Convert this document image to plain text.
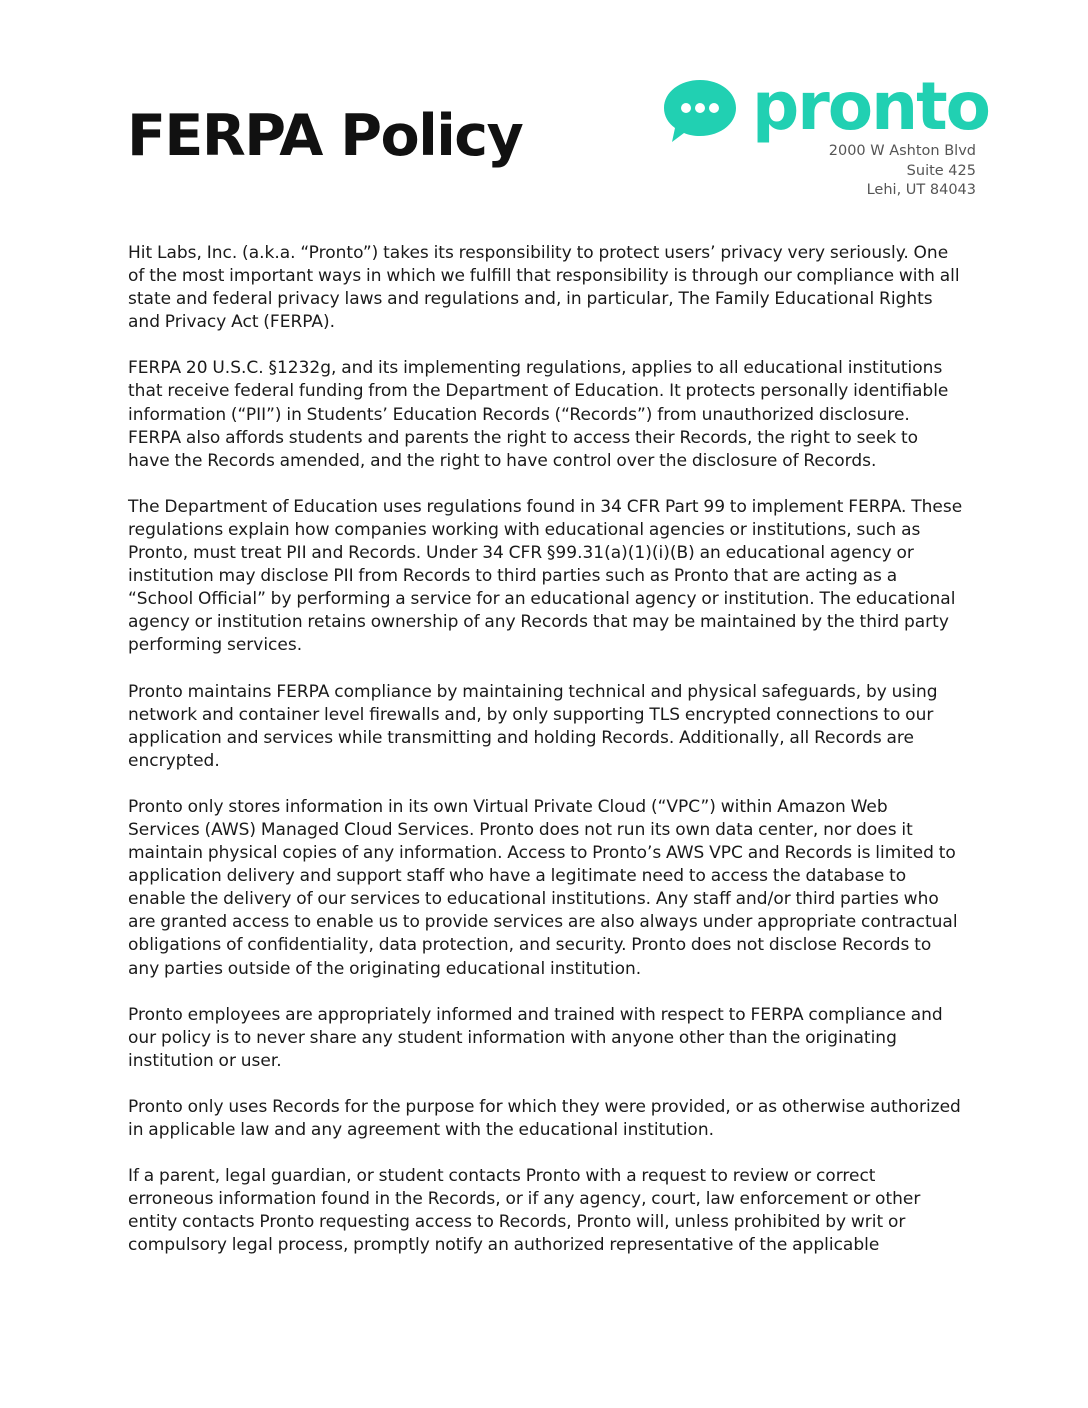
FERPA Policy	pronto
2000 W Ashton Blvd
Suite 425
Lehi, UT 84043

Hit Labs, Inc. (a.k.a. “Pronto”) takes its responsibility to protect users’ privacy very seriously. One of the most important ways in which we fulfill that responsibility is through our compliance with all state and federal privacy laws and regulations and, in particular, The Family Educational Rights and Privacy Act (FERPA).

FERPA 20 U.S.C. §1232g, and its implementing regulations, applies to all educational institutions that receive federal funding from the Department of Education. It protects personally identifiable information (“PII”) in Students’ Education Records (“Records”) from unauthorized disclosure. FERPA also affords students and parents the right to access their Records, the right to seek to have the Records amended, and the right to have control over the disclosure of Records.

The Department of Education uses regulations found in 34 CFR Part 99 to implement FERPA. These regulations explain how companies working with educational agencies or institutions, such as Pronto, must treat PII and Records. Under 34 CFR §99.31(a)(1)(i)(B) an educational agency or institution may disclose PII from Records to third parties such as Pronto that are acting as a “School Official” by performing a service for an educational agency or institution. The educational agency or institution retains ownership of any Records that may be maintained by the third party performing services.

Pronto maintains FERPA compliance by maintaining technical and physical safeguards, by using network and container level firewalls and, by only supporting TLS encrypted connections to our application and services while transmitting and holding Records. Additionally, all Records are encrypted.

Pronto only stores information in its own Virtual Private Cloud (“VPC”) within Amazon Web Services (AWS) Managed Cloud Services. Pronto does not run its own data center, nor does it maintain physical copies of any information. Access to Pronto’s AWS VPC and Records is limited to application delivery and support staff who have a legitimate need to access the database to enable the delivery of our services to educational institutions. Any staff and/or third parties who are granted access to enable us to provide services are also always under appropriate contractual obligations of confidentiality, data protection, and security. Pronto does not disclose Records to any parties outside of the originating educational institution.

Pronto employees are appropriately informed and trained with respect to FERPA compliance and our policy is to never share any student information with anyone other than the originating institution or user.

Pronto only uses Records for the purpose for which they were provided, or as otherwise authorized in applicable law and any agreement with the educational institution.

If a parent, legal guardian, or student contacts Pronto with a request to review or correct erroneous information found in the Records, or if any agency, court, law enforcement or other entity contacts Pronto requesting access to Records, Pronto will, unless prohibited by writ or compulsory legal process, promptly notify an authorized representative of the applicable
